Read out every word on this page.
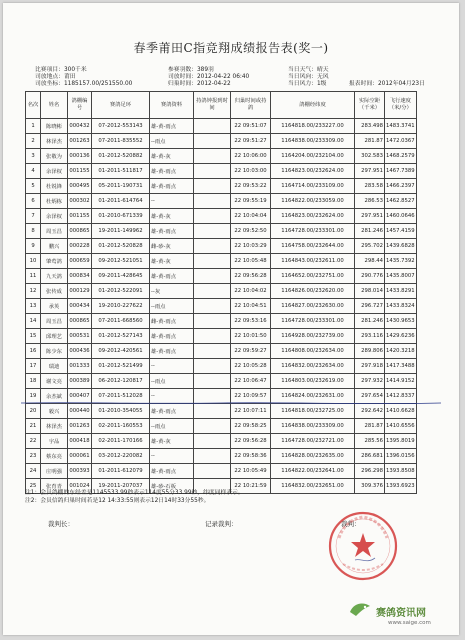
春季莆田C指竞翔成绩报告表(奖一)
比赛项目：300千米	参赛羽数：389羽	当日天气：晴天
司放地点：莆田	司放时间：2012-04-22 06:40	当日风向：无风
司放坐标：1185157.00/251550.00	归巢时间：2012-04-22	当日风力：1级	报表时间：2012年04月23日
名次	姓名	鸽棚编号	赛鸽足环	赛鸽资料	持鸽钟报到时间	归巢时间或持鸽	鸽棚经纬度	实际空距（千米）	飞行速度（米/分）
1	陈晓彬	000432	07-2012-553143	雄-黄-雨点		22 09:51:07	1164818.00/233227.00	283.498	1483.3741
2	林泽杰	001263	07-2011-835552	--雨点		22 09:51:27	1164838.00/233309.00	281.87	1472.0367
3	张敬为	000136	01-2012-520882	雄-黄-灰		22 10:06:00	1164204.00/232104.00	302.583	1468.2579
4	余泽权	001155	01-2011-511817	雄-黄-雨点		22 10:03:00	1164823.00/232624.00	297.951	1467.7389
5	杜锐锋	000495	05-2011-190731	雄-黄-雨点		22 09:53:22	1164714.00/233109.00	283.58	1466.2397
6	杜炳栋	000302	01-2011-614764	--		22 09:55:19	1164822.00/233059.00	286.53	1462.8527
7	余泽权	001155	01-2010-671339	雄-黄-灰		22 10:04:04	1164823.00/232624.00	297.951	1460.0646
8	周玉昌	000865	19-2011-149962	雄-黄-雨点		22 09:52:50	1164728.00/233301.00	281.246	1457.4159
9	鹏兴	000228	01-2012-520828	雌-砂-灰		22 10:03:29	1164758.00/232644.00	295.702	1439.6828
10	肇莺鸽	000659	09-2012-521051	雄-黄-灰		22 10:05:48	1164843.00/232611.00	298.44	1435.7392
11	九天鸽	000834	09-2011-428645	雄-黄-雨点		22 09:56:28	1164652.00/232751.00	290.776	1435.8007
12	张传成	000129	01-2012-522091	--灰		22 10:04:02	1164826.00/232620.00	298.014	1433.8291
13	承英	000434	19-2010-227622	--雨点		22 10:04:51	1164827.00/232630.00	296.727	1433.8324
14	周玉昌	000865	07-2011-668560	雌-黄-雨点		22 09:53:16	1164728.00/233301.00	281.246	1430.9653
15	邱理艺	000531	01-2012-527143	雄-黄-雨点		22 10:01:50	1164928.00/232739.00	293.116	1429.6236
16	陈少东	000436	09-2012-420561	雄-黄-雨点		22 09:59:27	1164808.00/232634.00	289.806	1420.3218
17	瑞迪	001333	01-2012-521499	--		22 10:05:28	1164832.00/232634.00	297.918	1417.3488
18	谢文亮	000389	06-2012-120817	--雨点		22 10:06:47	1164803.00/232619.00	297.932	1414.9152
19	余杰斌	000407	07-2011-512028	--		22 10:09:57	1164824.00/232631.00	297.654	1412.8337
20	毅兴	000440	01-2010-354055	雄-黄-雨点		22 10:07:11	1164818.00/232725.00	292.642	1410.6628
21	林泽杰	001263	02-2011-160553	--雨点		22 09:58:25	1164838.00/233309.00	281.87	1410.6556
22	宇品	000418	02-2011-170166	雄-黄-灰		22 09:56:28	1164728.00/232721.00	285.56	1395.8019
23	蔡东亮	000061	03-2012-220082	--		22 09:58:36	1164828.00/232635.00	286.681	1396.0156
24	庄明强	000393	01-2011-612079	雄-黄-雨点		22 10:05:49	1164822.00/232641.00	296.298	1393.8508
25	张育青	001024	19-2011-207037	雄-砂-石板		22 10:21:59	1164832.00/232651.00	309.376	1393.6923
注1：会员鸽棚的东经差是1145533.99秒表示114度55分33.99秒，纬度同样表示。
注2：会员信鸽归巢时间若是12 14:33:55则表示12日14时33分55秒。
裁判长：	记录裁判：	裁判：
赛鸽资讯网
www.saige.com
